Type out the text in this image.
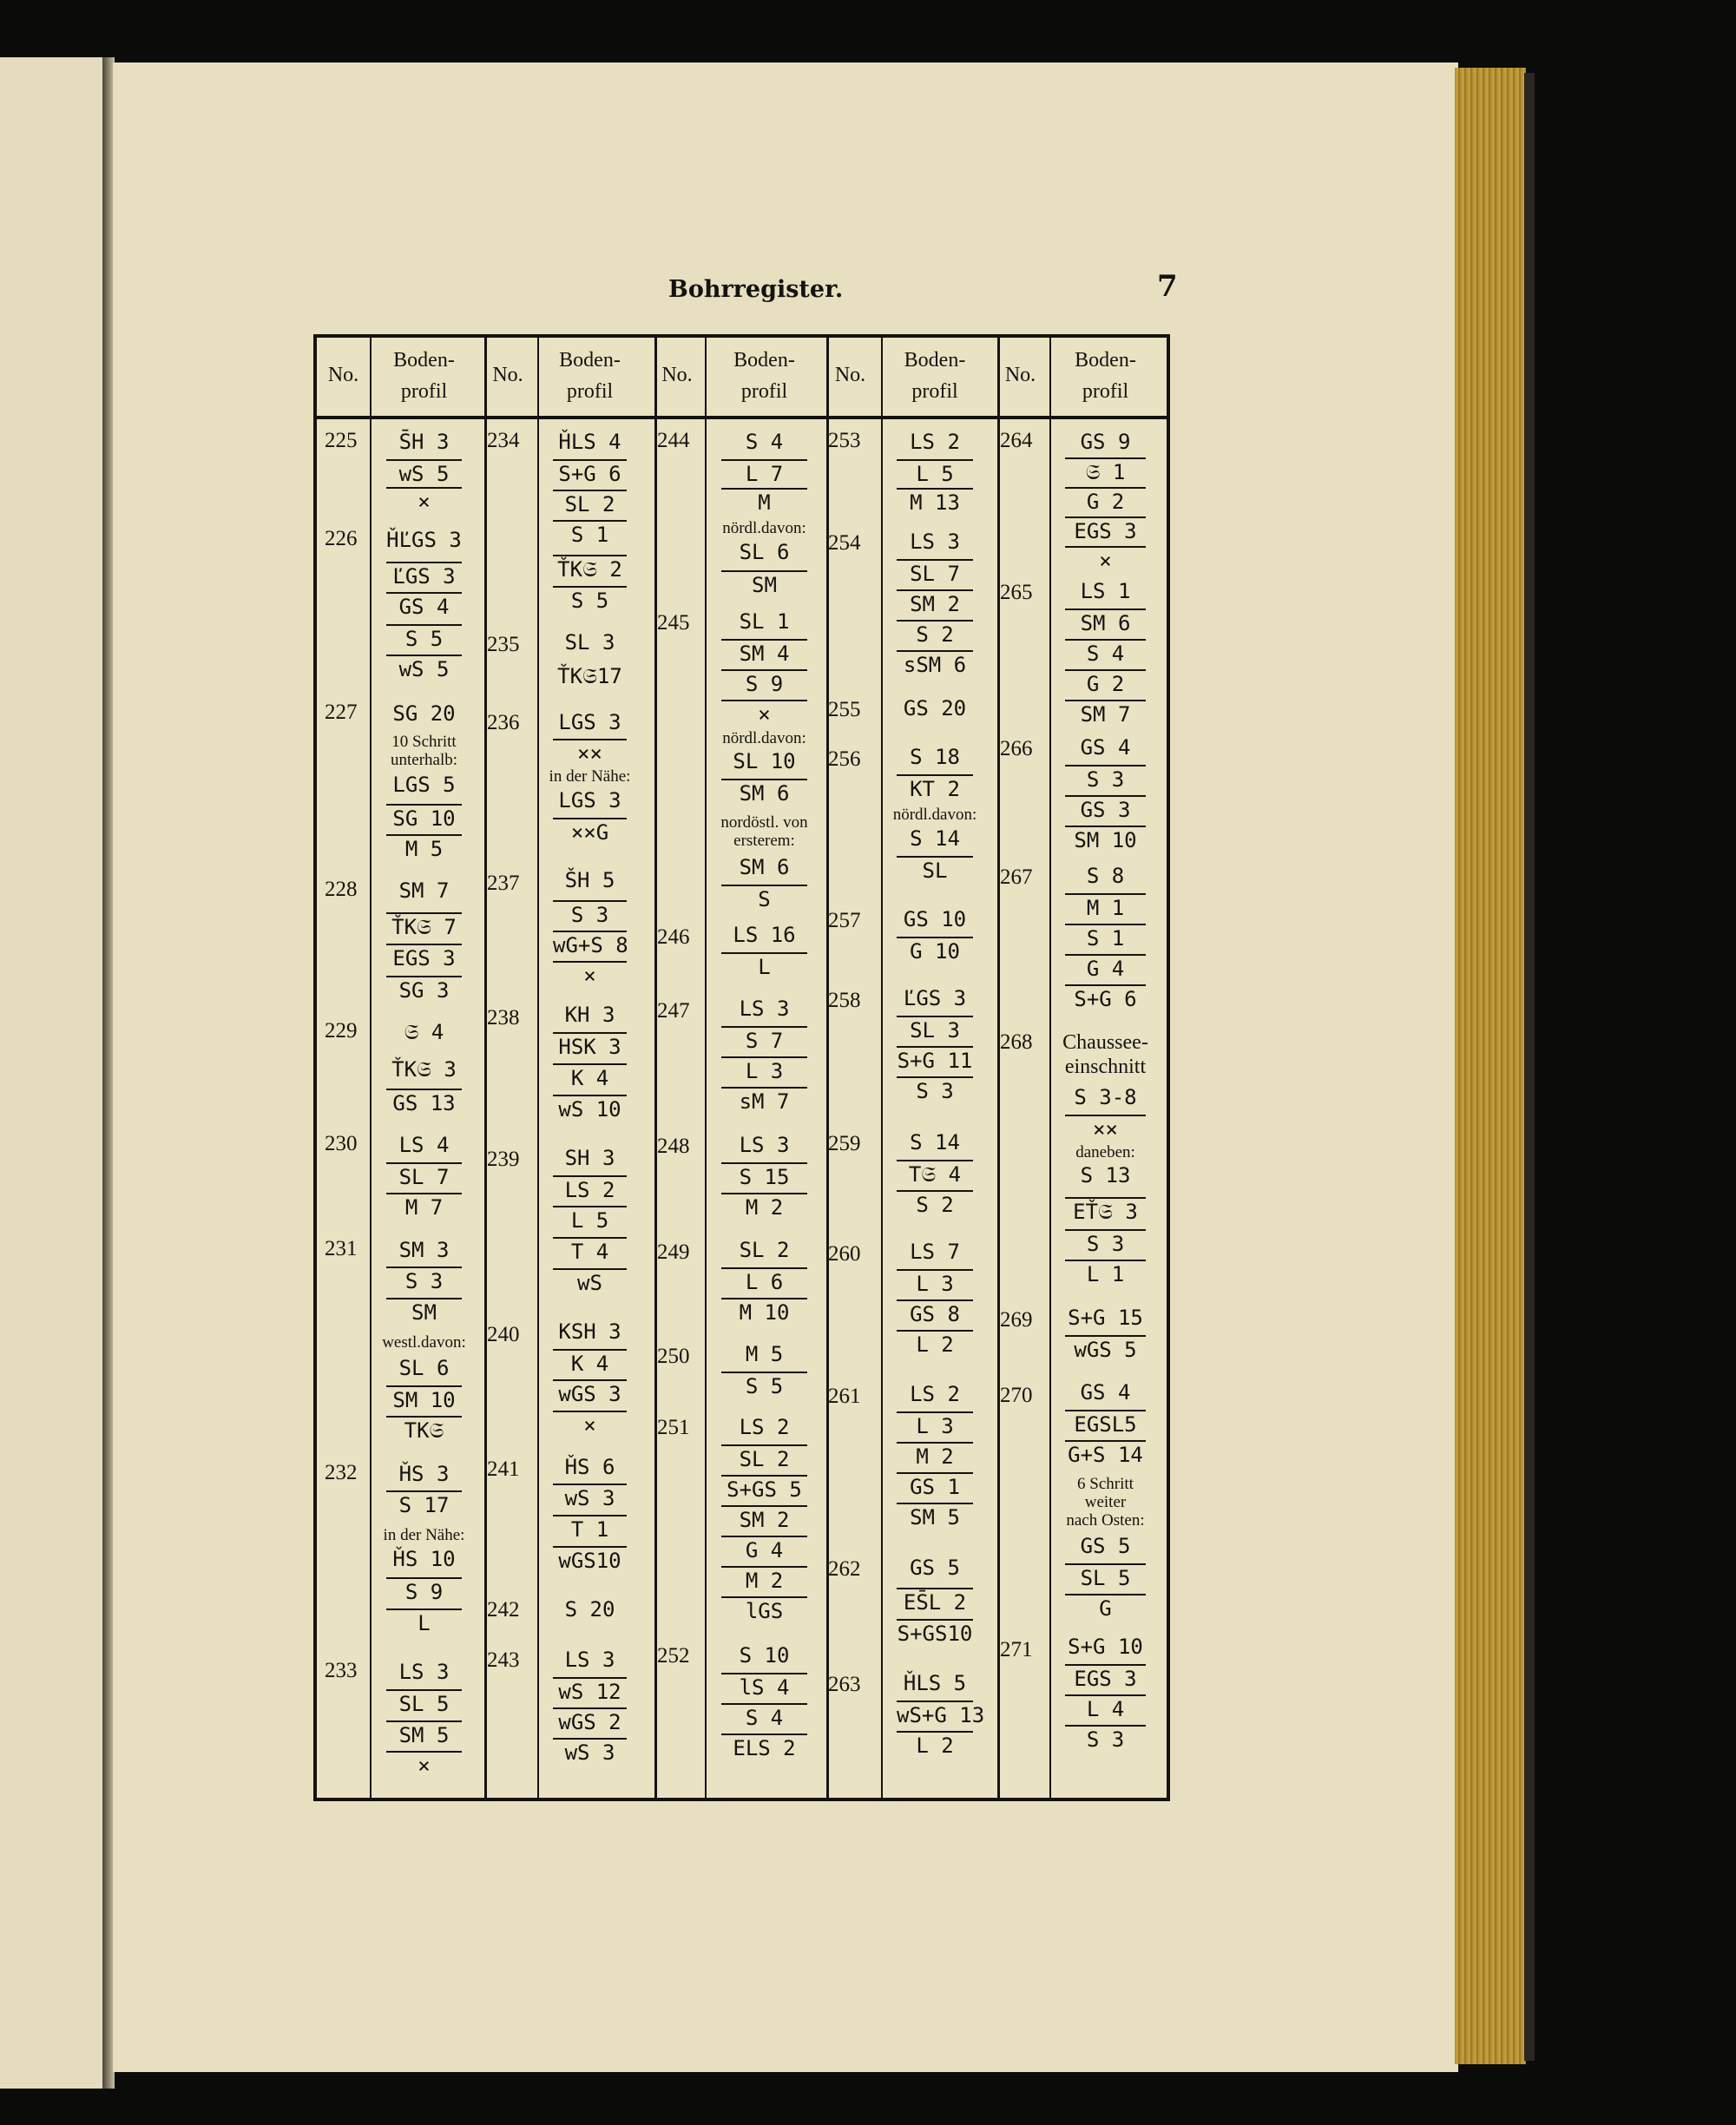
Bohrregister.	7
No.
Boden-
profil
225	S̄H 3
wS 5
×
226 ȞĽGS 3
ĽGS 3
GS 4
S 5
wS 5
227	SG 20
10 Schritt
unterhalb:
LGS 5
SG 10
M 5
228	SM 7
ŤK𝔖 7
EGS 3
SG 3
229	𝔖 4
ŤK𝔖 3
GS 13
230	LS 4
SL 7
M 7
231	SM 3
S 3
SM
westl.davon:
SL 6
SM 10
TK𝔖
232	ȞS 3
S 17
in der Nähe:
ȞS 10
S 9
L
233	LS 3
SL 5
SM 5
×
No.
Boden-
profil
234 ȞLS 4
S+G 6
SL 2
S 1
ŤK𝔖 2
S 5
235	SL 3
ŤK𝔖17
236 LGS 3
××
in der Nähe:
LGS 3
××G
237	ŠH 5
S 3
wG+S 8
×
238	KH 3
HSK 3
K 4
wS 10
239	SH 3
LS 2
L 5
T 4
wS
240 KSH 3
K 4
wGS 3
×
241	ȞS 6
wS 3
T 1
wGS10
242	S 20
243	LS 3
wS 12
wGS 2
wS 3
No.
Boden-
profil
244	S 4
L 7
M
nördl.davon:
SL 6
SM
245	SL 1
SM 4
S 9
×
nördl.davon:
SL 10
SM 6
nordöstl. von
ersterem:
SM 6
S
246	LS 16
L
247	LS 3
S 7
L 3
sM 7
248	LS 3
S 15
M 2
249	SL 2
L 6
M 10
250	M 5
S 5
251	LS 2
SL 2
S+GS 5
SM 2
G 4
M 2
lGS
252	S 10
lS 4
S 4
ELS 2
No.
Boden-
profil
253	LS 2
L 5
M 13
254	LS 3
SL 7
SM 2
S 2
sSM 6
255	GS 20
256	S 18
KT 2
nördl.davon:
S 14
SL
257	GS 10
G 10
258	ĽGS 3
SL 3
S+G 11
S 3
259	S 14
T𝔖 4
S 2
260	LS 7
L 3
GS 8
L 2
261	LS 2
L 3
M 2
GS 1
SM 5
262	GS 5
ES̄L 2
S+GS10
263	ȞLS 5
wS+G 13
L 2
No.
Boden-
profil
264	GS 9
𝔖 1
G 2
EGS 3
×
265	LS 1
SM 6
S 4
G 2
SM 7
266	GS 4
S 3
GS 3
SM 10
267	S 8
M 1
S 1
G 4
S+G 6
268	Chaussee-
einschnitt
S 3-8
××
daneben:
S 13
EŤ𝔖 3
S 3
L 1
269 S+G 15
wGS 5
270	GS 4
EGSL5
G+S 14
6 Schritt
weiter
nach Osten:
GS 5
SL 5
G
271 S+G 10
EGS 3
L 4
S 3
